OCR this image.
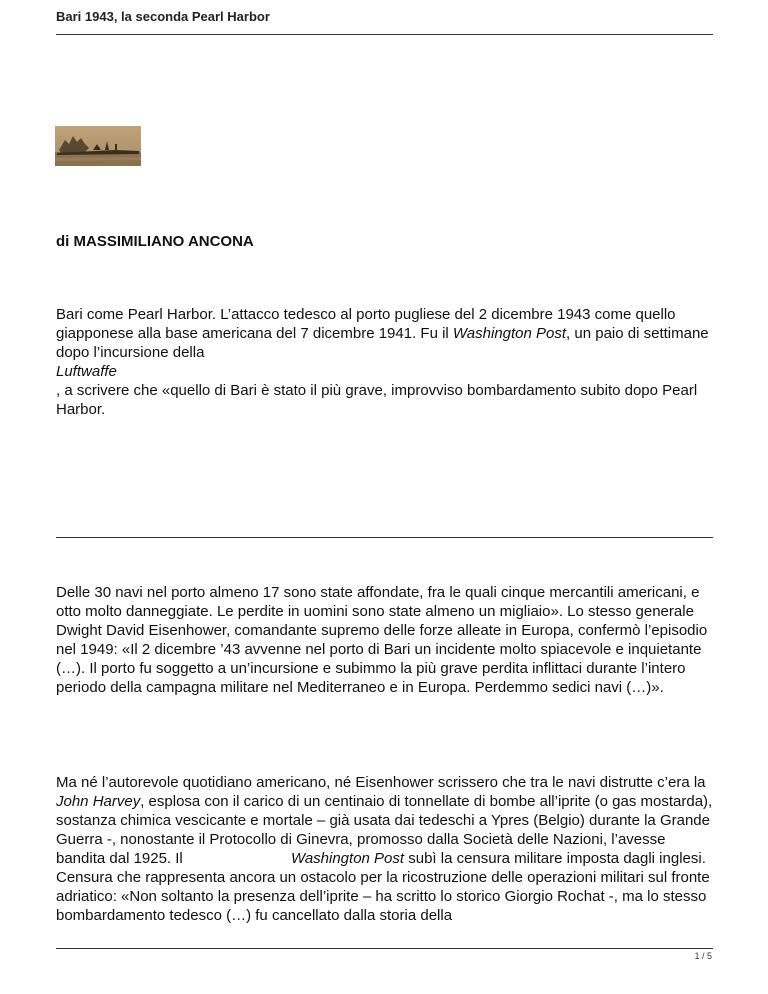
Bari 1943, la seconda Pearl Harbor
di MASSIMILIANO ANCONA

Bari come Pearl Harbor. L’attacco tedesco al porto pugliese del 2 dicembre 1943 come quello giapponese alla base americana del 7 dicembre 1941. Fu il Washington Post, un paio di settimane dopo l’incursione della
Luftwaffe
, a scrivere che «quello di Bari è stato il più grave, improvviso bombardamento subito dopo Pearl Harbor.

Delle 30 navi nel porto almeno 17 sono state affondate, fra le quali cinque mercantili americani, e otto molto danneggiate. Le perdite in uomini sono state almeno un migliaio». Lo stesso generale Dwight David Eisenhower, comandante supremo delle forze alleate in Europa, confermò l’episodio nel 1949: «Il 2 dicembre ’43 avvenne nel porto di Bari un incidente molto spiacevole e inquietante (…). Il porto fu soggetto a un’incursione e subimmo la più grave perdita inflittaci durante l’intero periodo della campagna militare nel Mediterraneo e in Europa. Perdemmo sedici navi (…)».

Ma né l’autorevole quotidiano americano, né Eisenhower scrissero che tra le navi distrutte c’era la John Harvey, esplosa con il carico di un centinaio di tonnellate di bombe all’iprite (o gas mostarda), sostanza chimica vescicante e mortale – già usata dai tedeschi a Ypres (Belgio) durante la Grande Guerra -, nonostante il Protocollo di Ginevra, promosso dalla Società delle Nazioni, l’avesse bandita dal 1925. Il	Washington Post subì la censura militare imposta dagli inglesi. Censura che rappresenta ancora un ostacolo per la ricostruzione delle operazioni militari sul fronte adriatico: «Non soltanto la presenza dell’iprite – ha scritto lo storico Giorgio Rochat -, ma lo stesso bombardamento tedesco (…) fu cancellato dalla storia della

1 / 5
